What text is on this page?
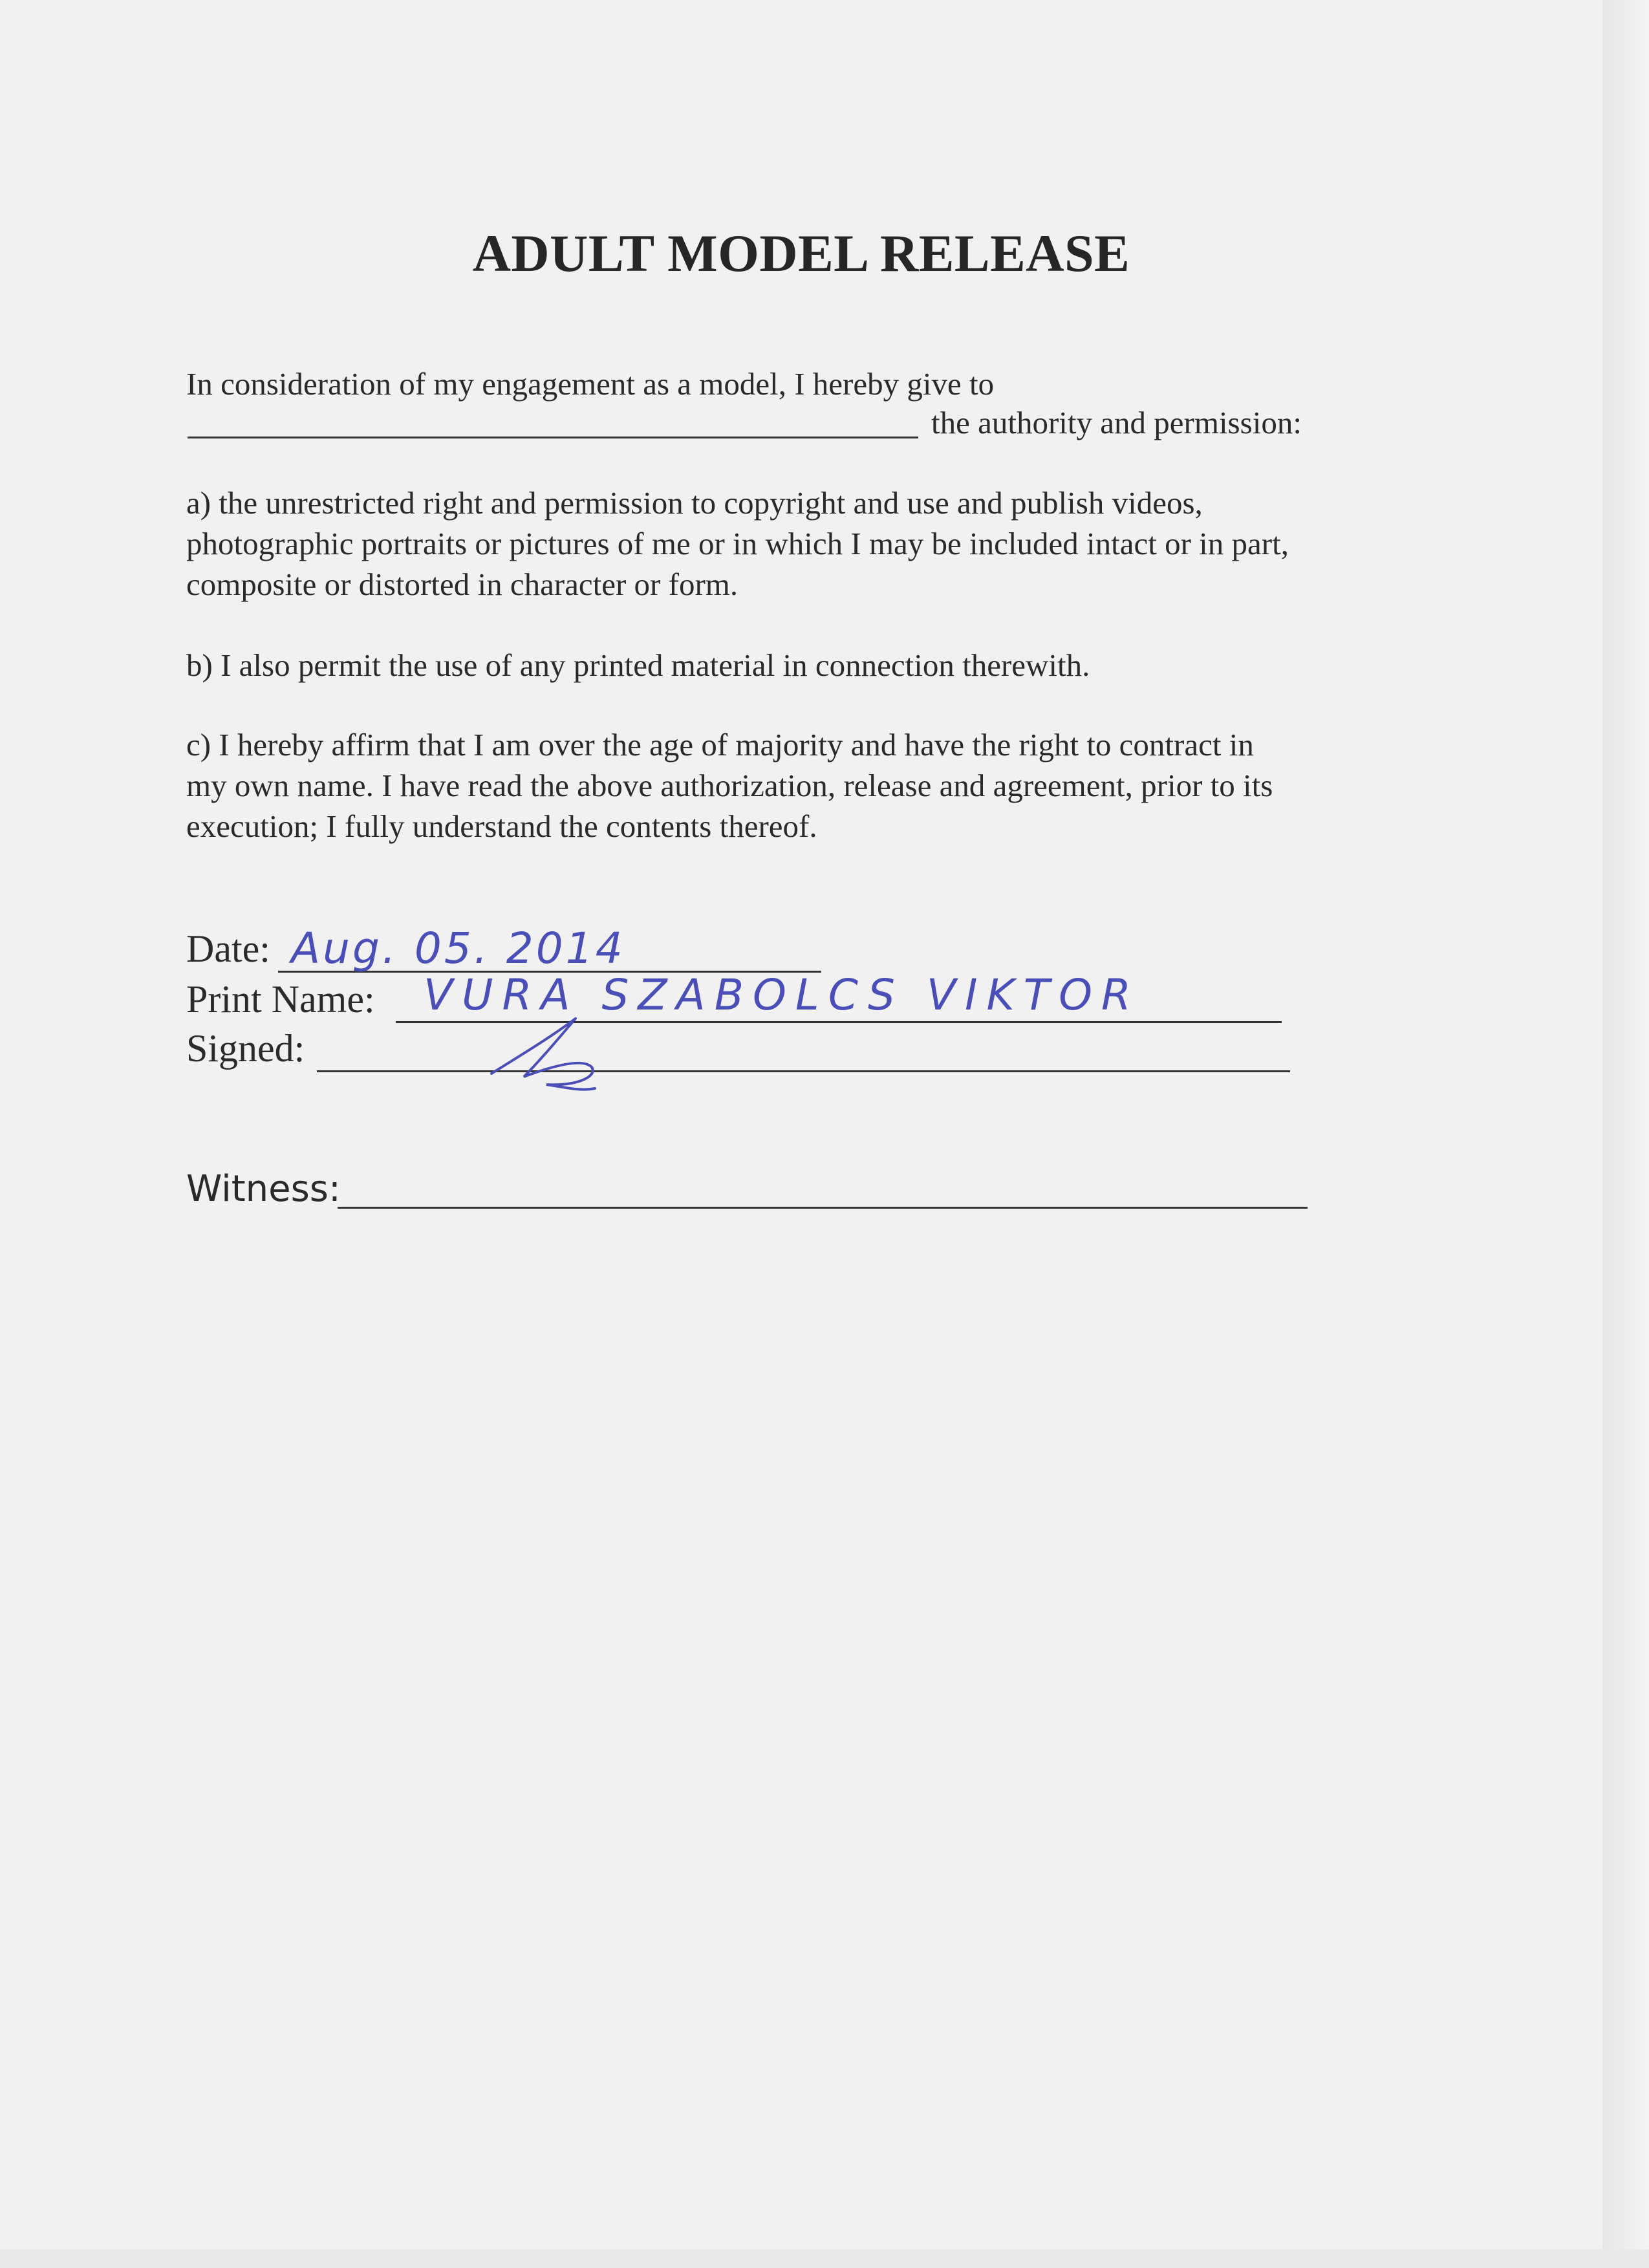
ADULT MODEL RELEASE
In consideration of my engagement as a model, I hereby give to
the authority and permission:
a) the unrestricted right and permission to copyright and use and publish videos,
photographic portraits or pictures of me or in which I may be included intact or in part,
composite or distorted in character or form.
b) I also permit the use of any printed material in connection therewith.
c) I hereby affirm that I am over the age of majority and have the right to contract in
my own name. I have read the above authorization, release and agreement, prior to its
execution; I fully understand the contents thereof.
Date: Aug. 05. 2014
Print Name: VURA SZABOLCS VIKTOR
Signed:
Witness:
